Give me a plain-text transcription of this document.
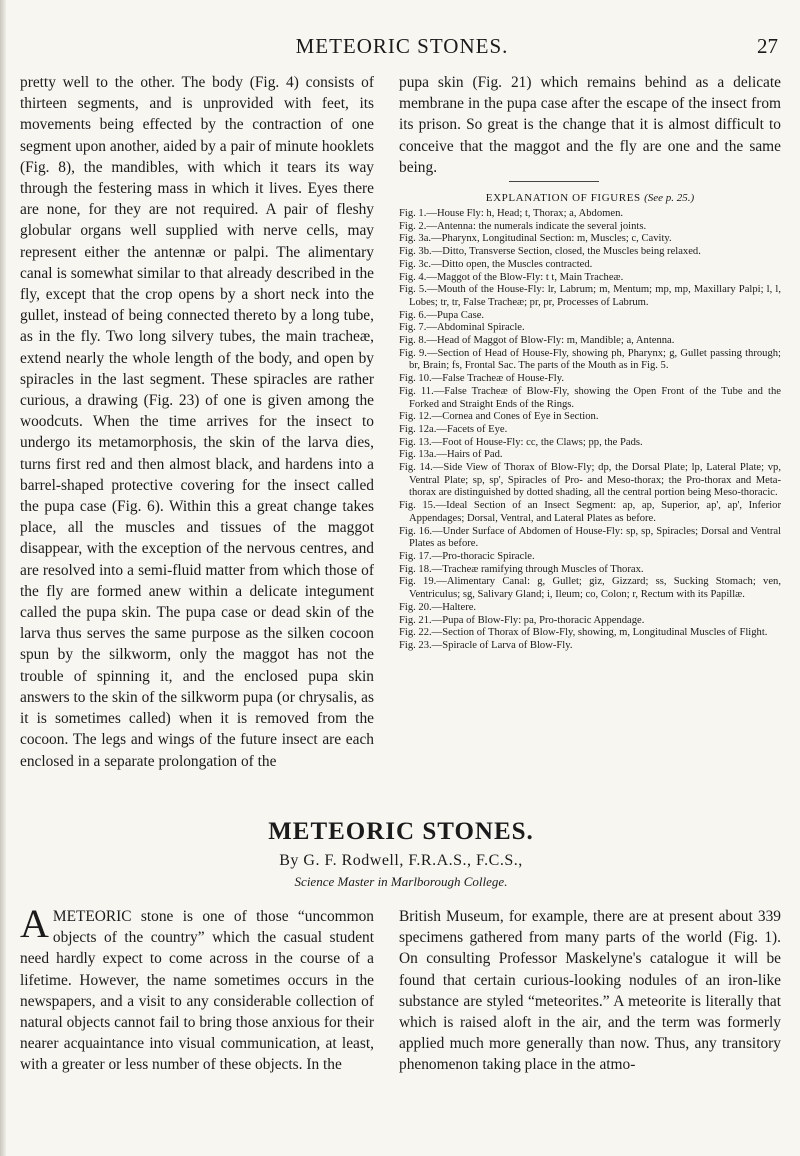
METEORIC STONES.	27

pretty well to the other. The body (Fig. 4) consists of thirteen segments, and is unprovided with feet, its movements being effected by the contraction of one segment upon another, aided by a pair of minute hooklets (Fig. 8), the mandibles, with which it tears its way through the festering mass in which it lives. Eyes there are none, for they are not required. A pair of fleshy globular organs well supplied with nerve cells, may represent either the antennæ or palpi. The alimentary canal is somewhat similar to that already described in the fly, except that the crop opens by a short neck into the gullet, instead of being connected thereto by a long tube, as in the fly. Two long silvery tubes, the main tracheæ, extend nearly the whole length of the body, and open by spiracles in the last segment. These spiracles are rather curious, a drawing (Fig. 23) of one is given among the woodcuts. When the time arrives for the insect to undergo its metamorphosis, the skin of the larva dies, turns first red and then almost black, and hardens into a barrel-shaped protective covering for the insect called the pupa case (Fig. 6). Within this a great change takes place, all the muscles and tissues of the maggot disappear, with the exception of the nervous centres, and are resolved into a semi-fluid matter from which those of the fly are formed anew within a delicate integument called the pupa skin. The pupa case or dead skin of the larva thus serves the same purpose as the silken cocoon spun by the silkworm, only the maggot has not the trouble of spinning it, and the enclosed pupa skin answers to the skin of the silkworm pupa (or chrysalis, as it is sometimes called) when it is removed from the cocoon. The legs and wings of the future insect are each enclosed in a separate prolongation of the

pupa skin (Fig. 21) which remains behind as a delicate membrane in the pupa case after the escape of the insect from its prison. So great is the change that it is almost difficult to conceive that the maggot and the fly are one and the same being.

EXPLANATION OF FIGURES (See p. 25.)
Fig. 1.—House Fly: h, Head; t, Thorax; a, Abdomen.
Fig. 2.—Antenna: the numerals indicate the several joints.
Fig. 3a.—Pharynx, Longitudinal Section: m, Muscles; c, Cavity.
Fig. 3b.—Ditto, Transverse Section, closed, the Muscles being relaxed.
Fig. 3c.—Ditto open, the Muscles contracted.
Fig. 4.—Maggot of the Blow-Fly: t t, Main Tracheæ.
Fig. 5.—Mouth of the House-Fly: lr, Labrum; m, Mentum; mp, mp, Maxillary Palpi; l, l, Lobes; tr, tr, False Tracheæ; pr, pr, Processes of Labrum.
Fig. 6.—Pupa Case.
Fig. 7.—Abdominal Spiracle.
Fig. 8.—Head of Maggot of Blow-Fly: m, Mandible; a, Antenna.
Fig. 9.—Section of Head of House-Fly, showing ph, Pharynx; g, Gullet passing through; br, Brain; fs, Frontal Sac. The parts of the Mouth as in Fig. 5.
Fig. 10.—False Tracheæ of House-Fly.
Fig. 11.—False Tracheæ of Blow-Fly, showing the Open Front of the Tube and the Forked and Straight Ends of the Rings.
Fig. 12.—Cornea and Cones of Eye in Section.
Fig. 12a.—Facets of Eye.
Fig. 13.—Foot of House-Fly: cc, the Claws; pp, the Pads.
Fig. 13a.—Hairs of Pad.
Fig. 14.—Side View of Thorax of Blow-Fly; dp, the Dorsal Plate; lp, Lateral Plate; vp, Ventral Plate; sp, sp', Spiracles of Pro- and Meso-thorax; the Pro-thorax and Meta-thorax are distinguished by dotted shading, all the central portion being Meso-thoracic.
Fig. 15.—Ideal Section of an Insect Segment: ap, ap, Superior, ap', ap', Inferior Appendages; Dorsal, Ventral, and Lateral Plates as before.
Fig. 16.—Under Surface of Abdomen of House-Fly: sp, sp, Spiracles; Dorsal and Ventral Plates as before.
Fig. 17.—Pro-thoracic Spiracle.
Fig. 18.—Tracheæ ramifying through Muscles of Thorax.
Fig. 19.—Alimentary Canal: g, Gullet; giz, Gizzard; ss, Sucking Stomach; ven, Ventriculus; sg, Salivary Gland; i, Ileum; co, Colon; r, Rectum with its Papillæ.
Fig. 20.—Haltere.
Fig. 21.—Pupa of Blow-Fly: pa, Pro-thoracic Appendage.
Fig. 22.—Section of Thorax of Blow-Fly, showing, m, Longitudinal Muscles of Flight.
Fig. 23.—Spiracle of Larva of Blow-Fly.
METEORIC STONES.

By G. F. Rodwell, F.R.A.S., F.C.S.,

Science Master in Marlborough College.

AMETEORIC stone is one of those “uncommon objects of the country” which the casual student need hardly expect to come across in the course of a lifetime. However, the name sometimes occurs in the newspapers, and a visit to any considerable collection of natural objects cannot fail to bring those anxious for their nearer acquaintance into visual communication, at least, with a greater or less number of these objects. In the
British Museum, for example, there are at present about 339 specimens gathered from many parts of the world (Fig. 1). On consulting Professor Maskelyne's catalogue it will be found that certain curious-looking nodules of an iron-like substance are styled “meteorites.” A meteorite is literally that which is raised aloft in the air, and the term was formerly applied much more generally than now. Thus, any transitory phenomenon taking place in the atmo-
